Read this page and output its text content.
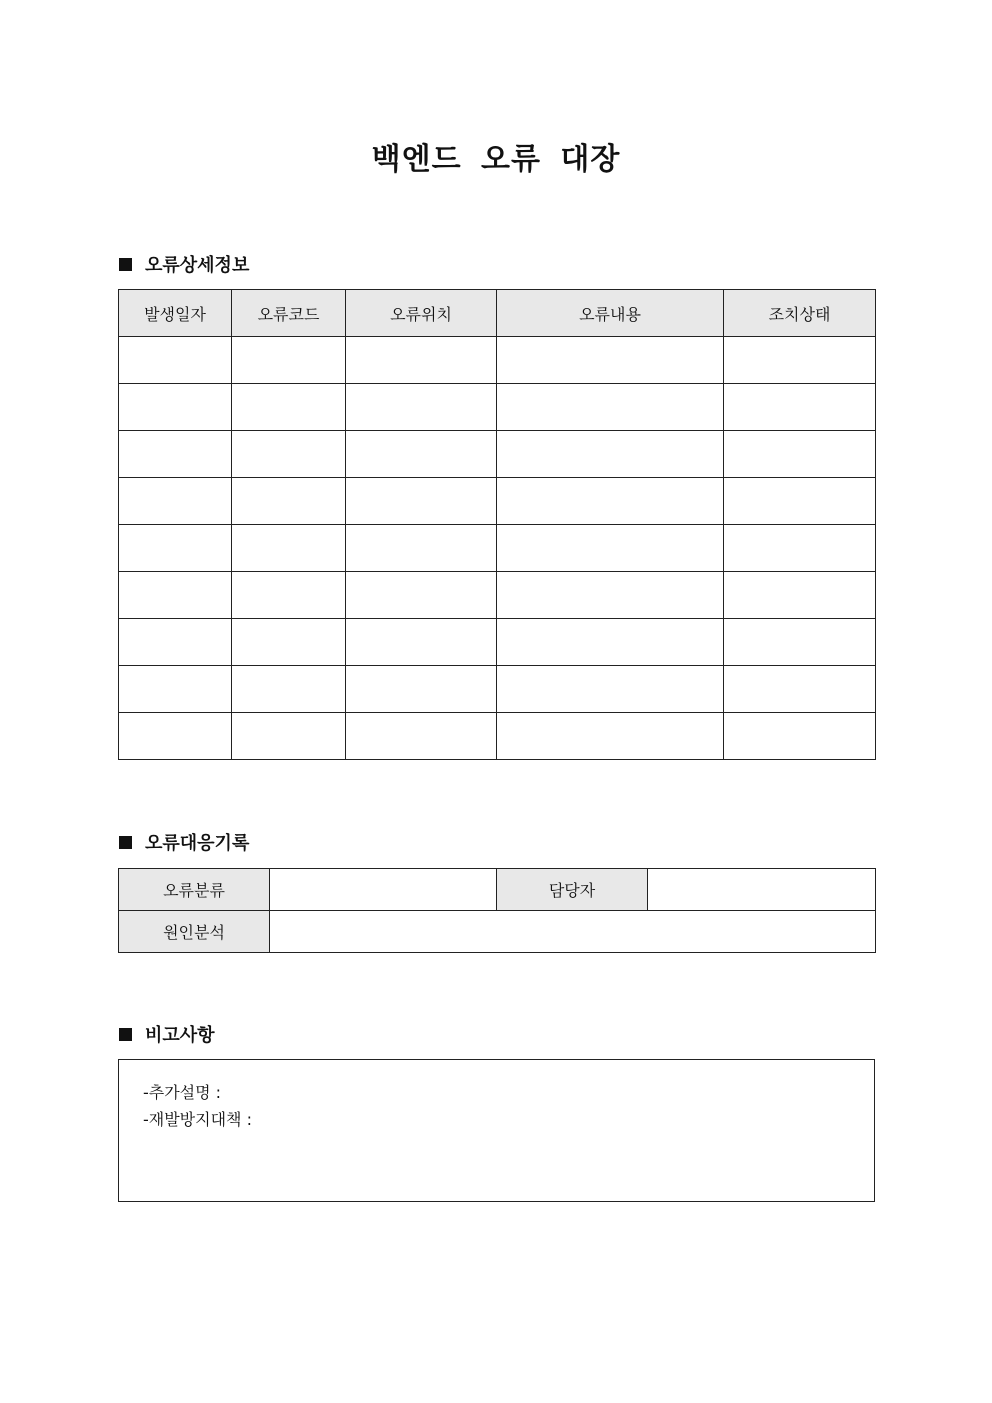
백엔드 오류 대장
오류상세정보
발생일자	오류코드	오류위치	오류내용	조치상태

오류대응기록
오류분류		담당자	
원인분석			
비고사항
-추가설명 :
-재발방지대책 :
